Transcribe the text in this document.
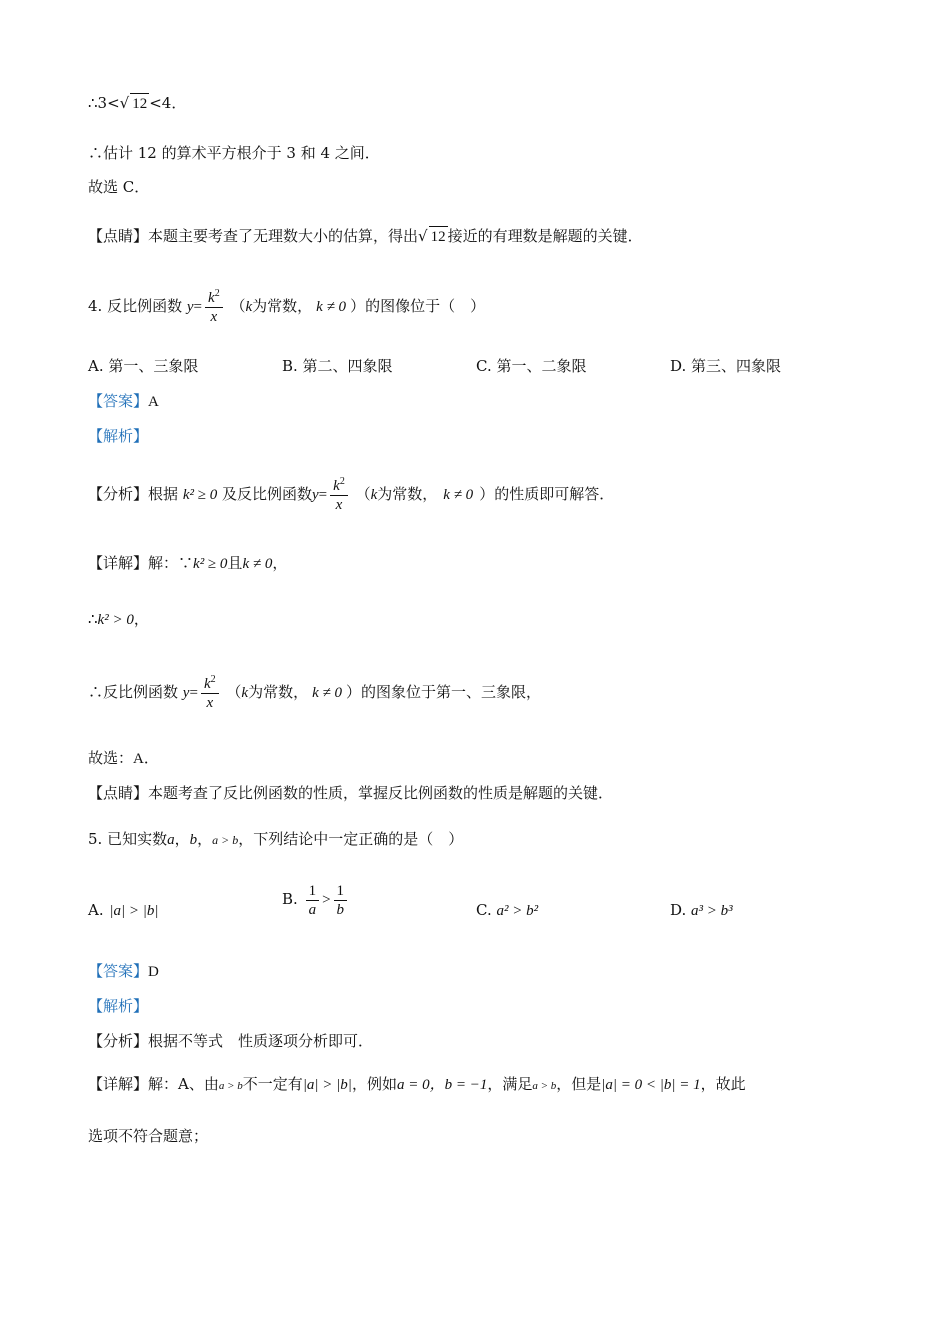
∴3<√ 12 <4．
∴估计 12 的算术平方根介于 3 和 4 之间．
故选 C．
【点睛】本题主要考查了无理数大小的估算，得出√ 12 接近的有理数是解题的关键．
4. 反比例函数 $y= \frac{k^2}{x} (k$为常数， k ≠ 0 ）的图像位于（　）
A. 第一、三象限	B. 第二、四象限	C. 第一、二象限	D. 第三、四象限
【答案】A
【解析】
【分析】根据 k² ≥ 0 及反比例函数$y= \frac{k^2}{x} (k$为常数， k ≠ 0 ）的性质即可解答．
【详解】解：∵k² ≥ 0且k ≠ 0，
∴k² > 0，
∴反比例函数 $y= \frac{k^2}{x} (k$为常数， k ≠ 0 ）的图象位于第一、三象限，
故选：A．
【点睛】本题考查了反比例函数的性质，掌握反比例函数的性质是解题的关键．
5. 已知实数a，b，a > b，下列结论中一定正确的是（　）
A. |a| > |b|
B. $\frac{1}{a} > \frac{1}{b}$	C. a² > b²	D. a³ > b³
【答案】D
【解析】
【分析】根据不等式　性质逐项分析即可．
【详解】解：A、由a > b不一定有|a| > |b|，例如a = 0，b = −1，满足a > b，但是|a| = 0 < |b| = 1，故此
选项不符合题意；
